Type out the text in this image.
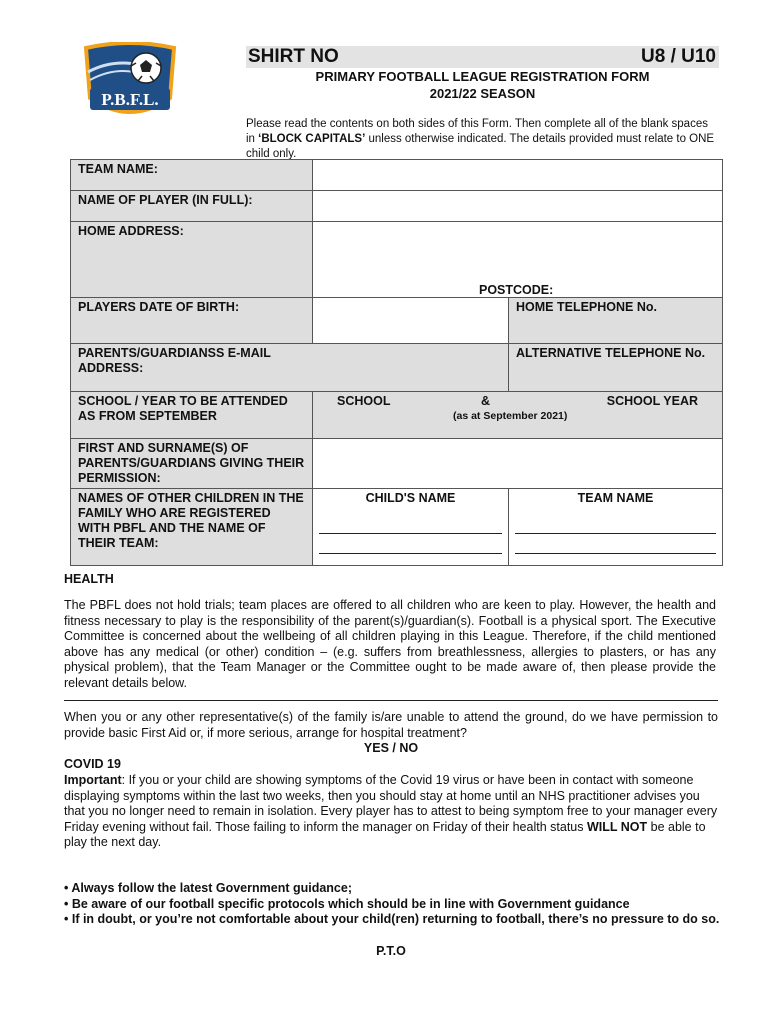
P.B.F.L.
SHIRT NO	U8 / U10
PRIMARY FOOTBALL LEAGUE REGISTRATION FORM
2021/22 SEASON
Please read the contents on both sides of this Form. Then complete all of the blank spaces in ‘BLOCK CAPITALS’ unless otherwise indicated. The details provided must relate to ONE child only.
TEAM NAME:		
NAME OF PLAYER (IN FULL):		
HOME ADDRESS:	POSTCODE:	

PLAYERS DATE OF BIRTH:		HOME TELEPHONE No.
PARENTS/GUARDIANSS E-MAIL ADDRESS:		ALTERNATIVE TELEPHONE No.
SCHOOL / YEAR TO BE ATTENDED AS FROM SEPTEMBER	SCHOOL & SCHOOL YEAR
(as at September 2021)	

FIRST AND SURNAME(S) OF PARENTS/GUARDIANS GIVING THEIR PERMISSION:		
NAMES OF OTHER CHILDREN IN THE FAMILY WHO ARE REGISTERED WITH PBFL AND THE NAME OF THEIR TEAM:	CHILD'S NAME	TEAM NAME
HEALTH
The PBFL does not hold trials; team places are offered to all children who are keen to play. However, the health and fitness necessary to play is the responsibility of the parent(s)/guardian(s). Football is a physical sport. The Executive Committee is concerned about the wellbeing of all children playing in this League. Therefore, if the child mentioned above has any medical (or other) condition – (e.g. suffers from breathlessness, allergies to plasters, or has any physical problem), that the Team Manager or the Committee ought to be made aware of, then please provide the relevant details below.
When you or any other representative(s) of the family is/are unable to attend the ground, do we have permission to provide basic First Aid or, if more serious, arrange for hospital treatment?
YES / NO
COVID 19
Important: If you or your child are showing symptoms of the Covid 19 virus or have been in contact with someone displaying symptoms within the last two weeks, then you should stay at home until an NHS practitioner advises you that you no longer need to remain in isolation. Every player has to attest to being symptom free to your manager every Friday evening without fail. Those failing to inform the manager on Friday of their health status WILL NOT be able to play the next day.
• Always follow the latest Government guidance;
• Be aware of our football specific protocols which should be in line with Government guidance
• If in doubt, or you’re not comfortable about your child(ren) returning to football, there’s no pressure to do so.
P.T.O
